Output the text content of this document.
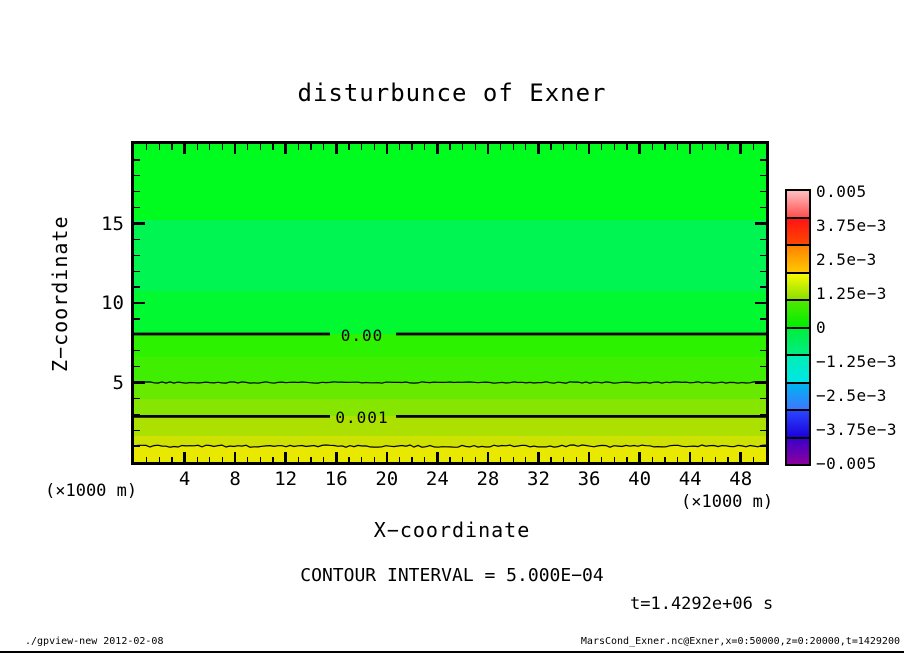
disturbunce of Exner
0.00
0.001
(×1000 m)
(×1000 m)
X−coordinate
Z−coordinate
CONTOUR INTERVAL = 5.000E−04
t=1.4292e+06 s
./gpview-new 2012-02-08	MarsCond_Exner.nc@Exner,x=0:50000,z=0:20000,t=1429200
4	8	12	16	20	24	28	32	36	40	44	48
5
10
15
0.005
3.75e−3
2.5e−3
1.25e−3
0
−1.25e−3
−2.5e−3
−3.75e−3
−0.005
